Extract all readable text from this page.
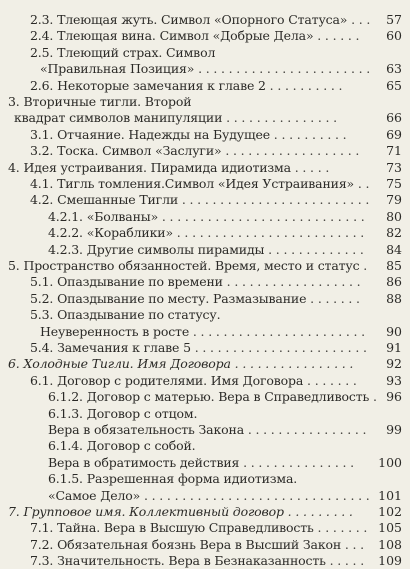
2.3. Тлеющая жуть. Символ «Опорного Статуса» . . . 57
2.4. Тлеющая вина. Символ «Добрые Дела» . . . . . . 60
2.5. Тлеющий страх. Символ
«Правильная Позиция» . . . . . . . . . . . . . . . . . . . . . . . 63
2.6. Некоторые замечания к главе 2 . . . . . . . . . .	65
3. Вторичные тигли. Второй
квадрат символов манипуляции . . . . . . . . . . . . . . .	66
3.1. Отчаяние. Надежды на Будущее . . . . . . . . . .	69
3.2. Тоска. Символ «Заслуги» . . . . . . . . . . . . . . . . . . 71
4. Идея устраивания. Пирамида идиотизма . . . . .	73
4.1. Тигль томления.Символ «Идея Устраивания» . . 75
4.2. Смешанные Тигли . . . . . . . . . . . . . . . . . . . . . . . . . 79
4.2.1. «Болваны» . . . . . . . . . . . . . . . . . . . . . . . . . . . 80
4.2.2. «Кораблики» . . . . . . . . . . . . . . . . . . . . . . . . . 82
4.2.3. Другие символы пирамиды . . . . . . . . . . . . . 84
5. Пространство обязанностей. Время, место и статус . 85
5.1. Опаздывание по времени . . . . . . . . . . . . . . . . . . 86
5.2. Опаздывание по месту. Размазывание . . . . . . . 88
5.3. Опаздывание по статусу.
Неуверенность в росте . . . . . . . . . . . . . . . . . . . . . . . 90
5.4. Замечания к главе 5 . . . . . . . . . . . . . . . . . . . . . . . 91
6. Холодные Тигли. Имя Договора . . . . . . . . . . . . . . . .	92
6.1. Договор с родителями. Имя Договора . . . . . . . 93
6.1.2. Договор с матерью. Вера в Справедливость . 96
6.1.3. Договор с отцом.
Вера в обязательность Закона . . . . . . . . . . . . . . . . 99
6.1.4. Договор с собой.
Вера в обратимость действия . . . . . . . . . . . . . . . 100
6.1.5. Разрешенная форма идиотизма.
«Самое Дело» . . . . . . . . . . . . . . . . . . . . . . . . . . . . . . 101
7. Групповое имя. Коллективный договор . . . . . . . . . 102
7.1. Тайна. Вера в Высшую Справедливость . . . . . . . 105
7.2. Обязательная боязнь Вера в Высший Закон . . . 108
7.3. Значительность. Вера в Безнаказанность . . . . . 109
